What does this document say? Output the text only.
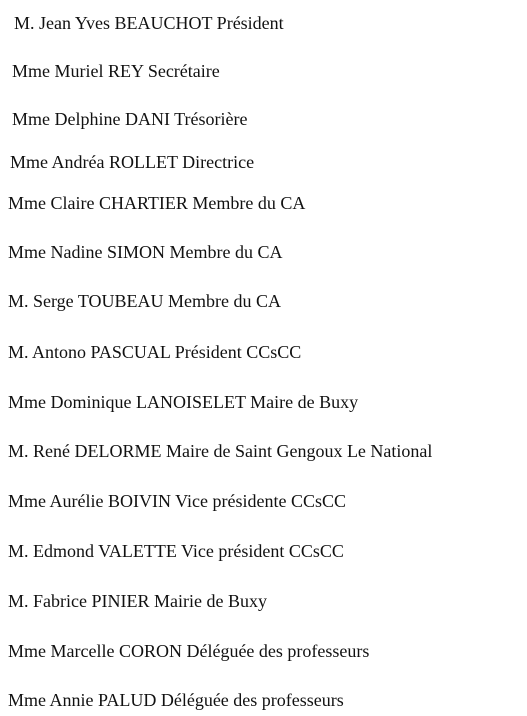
M. Jean Yves BEAUCHOT Président
Mme Muriel REY Secrétaire
Mme Delphine DANI Trésorière
Mme Andréa ROLLET Directrice
Mme Claire CHARTIER Membre du CA
Mme Nadine SIMON Membre du CA
M. Serge TOUBEAU Membre du CA
M. Antono PASCUAL Président CCsCC
Mme Dominique LANOISELET Maire de Buxy
M. René DELORME Maire de Saint Gengoux Le National
Mme Aurélie BOIVIN Vice présidente CCsCC
M. Edmond VALETTE Vice président CCsCC
M. Fabrice PINIER Mairie de Buxy
Mme Marcelle CORON Déléguée des professeurs
Mme Annie PALUD Déléguée des professeurs
